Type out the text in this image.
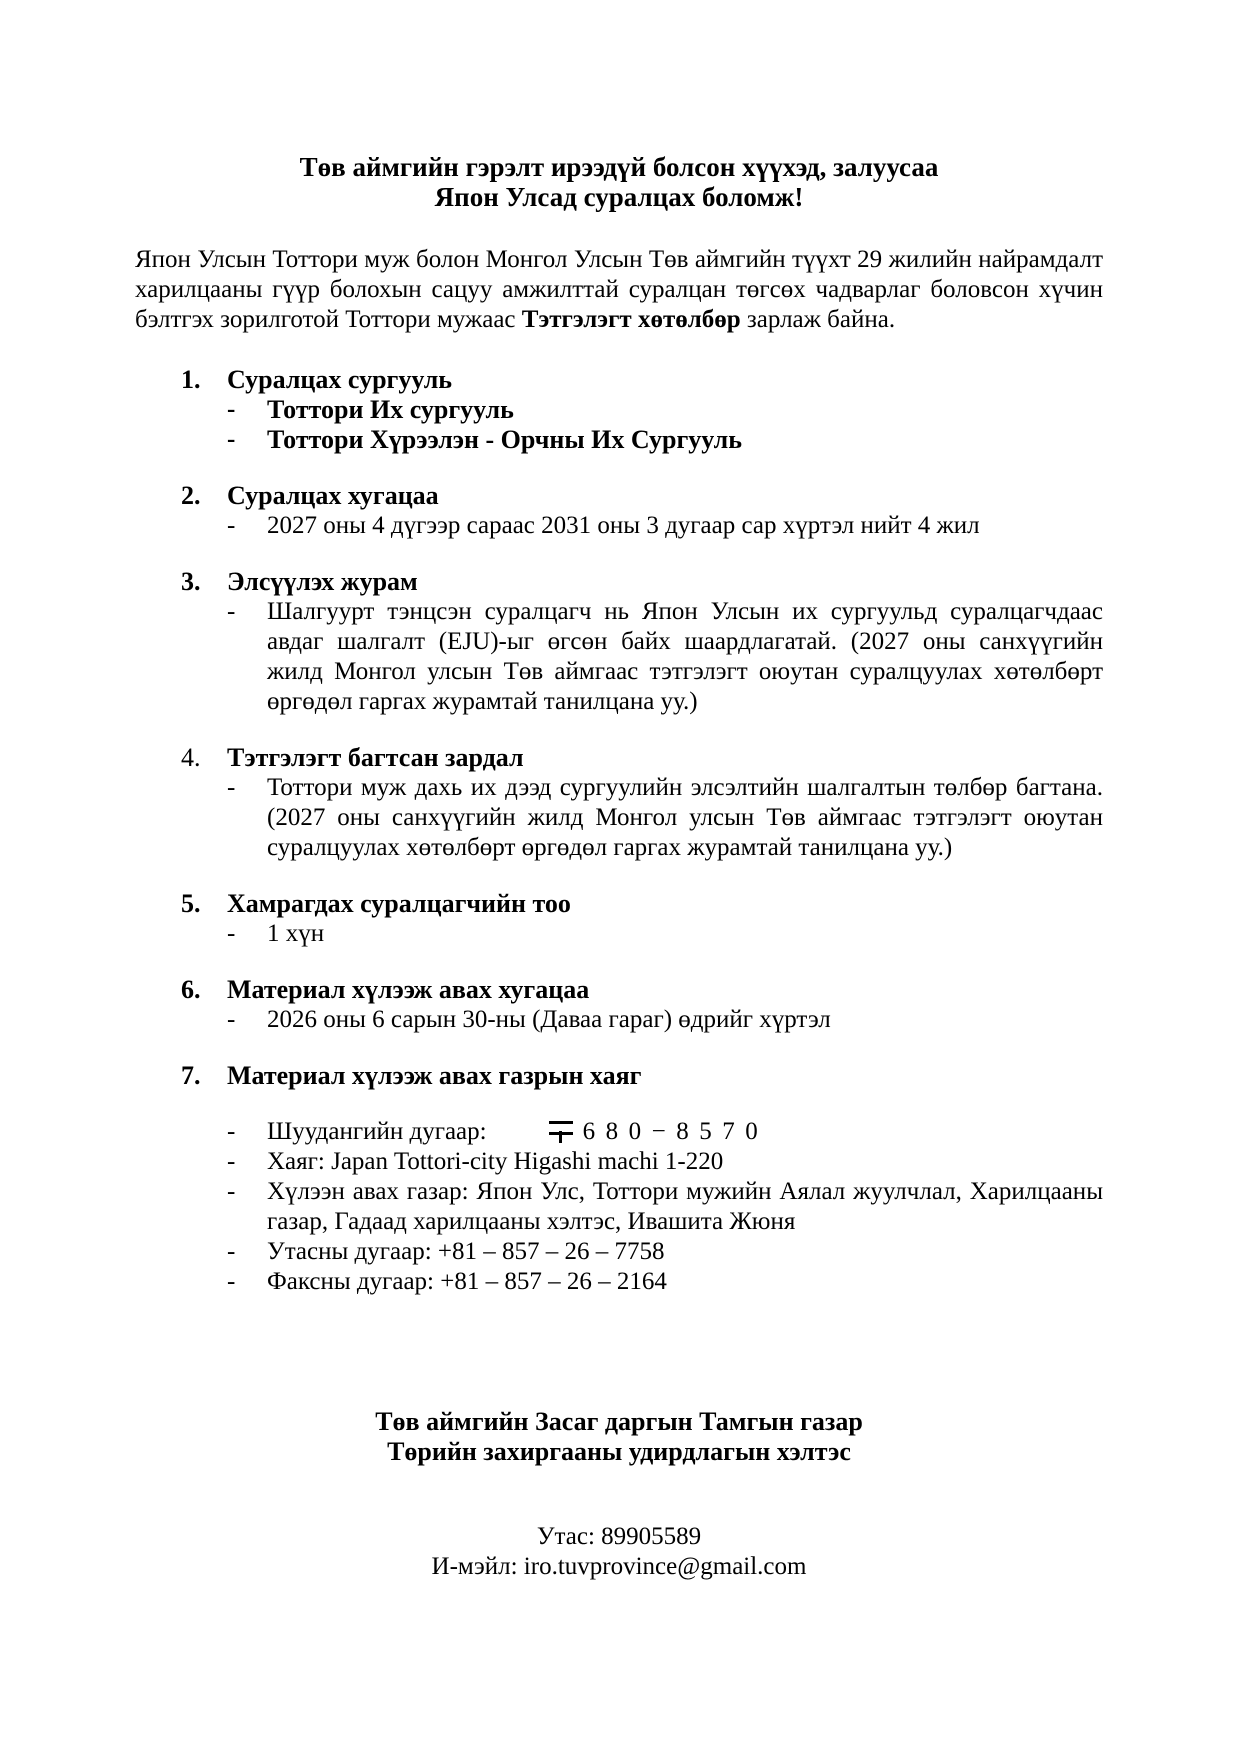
Төв аймгийн гэрэлт ирээдүй болсон хүүхэд, залуусаа
Япон Улсад суралцах боломж!

Япон Улсын Тоттори муж болон Монгол Улсын Төв аймгийн түүхт 29 жилийн найрамдалт харилцааны гүүр болохын сацуу амжилттай суралцан төгсөх чадварлаг боловсон хүчин бэлтгэх зорилготой Тоттори мужаас Тэтгэлэгт хөтөлбөр зарлаж байна.

1.	Суралцах сургууль
-	Тоттори Их сургууль
-	Тоттори Хүрээлэн - Орчны Их Сургууль
2.	Суралцах хугацаа
-	2027 оны 4 дүгээр сараас 2031 оны 3 дугаар сар хүртэл нийт 4 жил
3.	Элсүүлэх журам
-	Шалгуурт тэнцсэн суралцагч нь Япон Улсын их сургуульд суралцагчдаас авдаг шалгалт (EJU)-ыг өгсөн байх шаардлагатай. (2027 оны санхүүгийн жилд Монгол улсын Төв аймгаас тэтгэлэгт оюутан суралцуулах хөтөлбөрт өргөдөл гаргах журамтай танилцана уу.)
4.	Тэтгэлэгт багтсан зардал
-	Тоттори муж дахь их дээд сургуулийн элсэлтийн шалгалтын төлбөр багтана. (2027 оны санхүүгийн жилд Монгол улсын Төв аймгаас тэтгэлэгт оюутан суралцуулах хөтөлбөрт өргөдөл гаргах журамтай танилцана уу.)
5.	Хамрагдах суралцагчийн тоо
-	1 хүн
6.	Материал хүлээж авах хугацаа
-	2026 оны 6 сарын 30-ны (Даваа гараг) өдрийг хүртэл
7.	Материал хүлээж авах газрын хаяг
-	Шуудангийн дугаар:	680−8570
-	Хаяг: Japan Tottori-city Higashi machi 1-220
-	Хүлээн авах газар: Япон Улс, Тоттори мужийн Аялал жуулчлал, Харилцааны газар, Гадаад харилцааны хэлтэс, Ивашита Жюня
-	Утасны дугаар: +81 – 857 – 26 – 7758
-	Факсны дугаар: +81 – 857 – 26 – 2164
Төв аймгийн Засаг даргын Тамгын газар
Төрийн захиргааны удирдлагын хэлтэс
Утас: 89905589
И-мэйл: iro.tuvprovince@gmail.com
